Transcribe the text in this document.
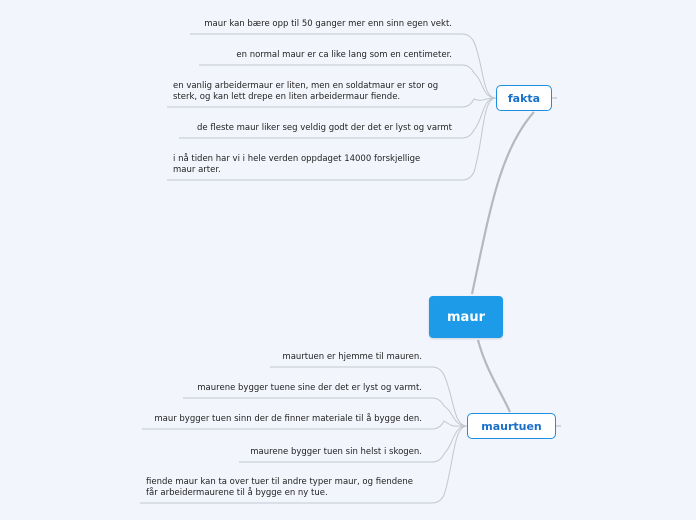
maur
fakta
maurtuen
maur kan bære opp til 50 ganger mer enn sinn egen vekt.
en normal maur er ca like lang som en centimeter.
en vanlig arbeidermaur er liten, men en soldatmaur er stor og
sterk, og kan lett drepe en liten arbeidermaur fiende.
de fleste maur liker seg veldig godt der det er lyst og varmt
i nå tiden har vi i hele verden oppdaget 14000 forskjellige
maur arter.
maurtuen er hjemme til mauren.
maurene bygger tuene sine der det er lyst og varmt.
maur bygger tuen sinn der de finner materiale til å bygge den.
maurene bygger tuen sin helst i skogen.
fiende maur kan ta over tuer til andre typer maur, og fiendene
får arbeidermaurene til å bygge en ny tue.
